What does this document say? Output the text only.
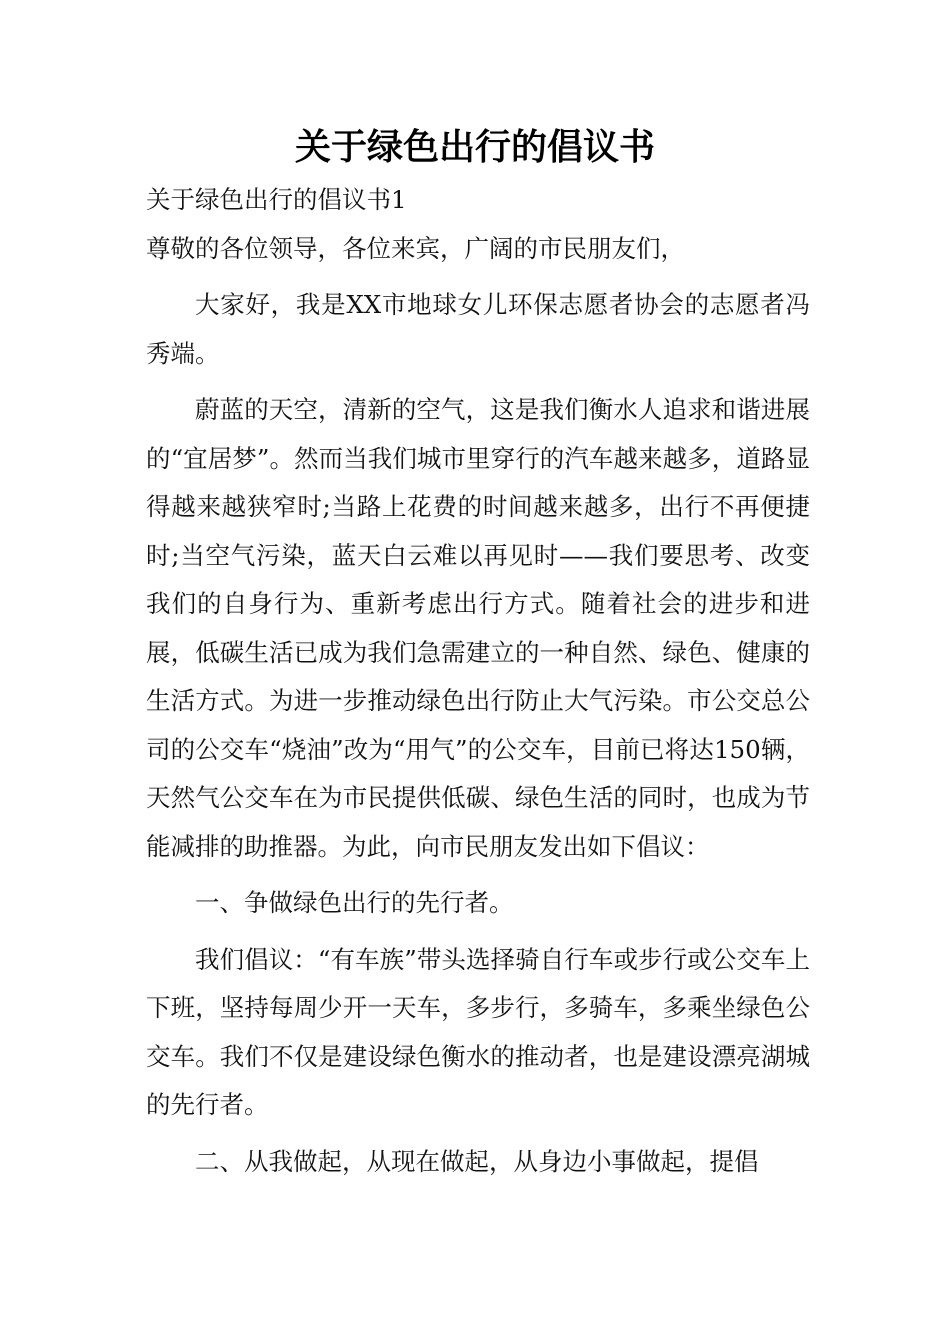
关于绿色出行的倡议书

关于绿色出行的倡议书1

尊敬的各位领导，各位来宾，广阔的市民朋友们，

大家好，我是XX市地球女儿环保志愿者协会的志愿者冯秀端。

蔚蓝的天空，清新的空气，这是我们衡水人追求和谐进展的“宜居梦”。然而当我们城市里穿行的汽车越来越多，道路显得越来越狭窄时;当路上花费的时间越来越多，出行不再便捷时;当空气污染，蓝天白云难以再见时——我们要思考、改变我们的自身行为、重新考虑出行方式。随着社会的进步和进展，低碳生活已成为我们急需建立的一种自然、绿色、健康的生活方式。为进一步推动绿色出行防止大气污染。市公交总公司的公交车“烧油”改为“用气”的公交车，目前已将达150辆，天然气公交车在为市民提供低碳、绿色生活的同时，也成为节能减排的助推器。为此，向市民朋友发出如下倡议：

一、争做绿色出行的先行者。

我们倡议：“有车族”带头选择骑自行车或步行或公交车上下班，坚持每周少开一天车，多步行，多骑车，多乘坐绿色公交车。我们不仅是建设绿色衡水的推动者，也是建设漂亮湖城的先行者。

二、从我做起，从现在做起，从身边小事做起，提倡
